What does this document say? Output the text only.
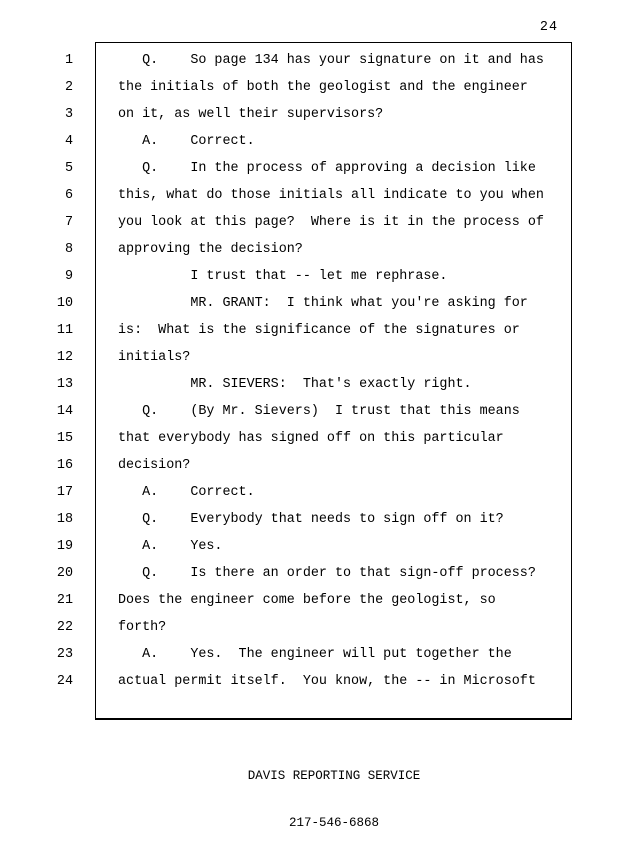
24
1	Q.    So page 134 has your signature on it and has
2	the initials of both the geologist and the engineer
3	on it, as well their supervisors?
4	A.    Correct.
5	Q.    In the process of approving a decision like
6	this, what do those initials all indicate to you when
7	you look at this page?  Where is it in the process of
8	approving the decision?
9	I trust that -- let me rephrase.
10	MR. GRANT:  I think what you're asking for
11	is:  What is the significance of the signatures or
12	initials?
13	MR. SIEVERS:  That's exactly right.
14	Q.    (By Mr. Sievers)  I trust that this means
15	that everybody has signed off on this particular
16	decision?
17	A.    Correct.
18	Q.    Everybody that needs to sign off on it?
19	A.    Yes.
20	Q.    Is there an order to that sign-off process?
21	Does the engineer come before the geologist, so
22	forth?
23	A.    Yes.  The engineer will put together the
24	actual permit itself.  You know, the -- in Microsoft

DAVIS REPORTING SERVICE

217-546-6868
